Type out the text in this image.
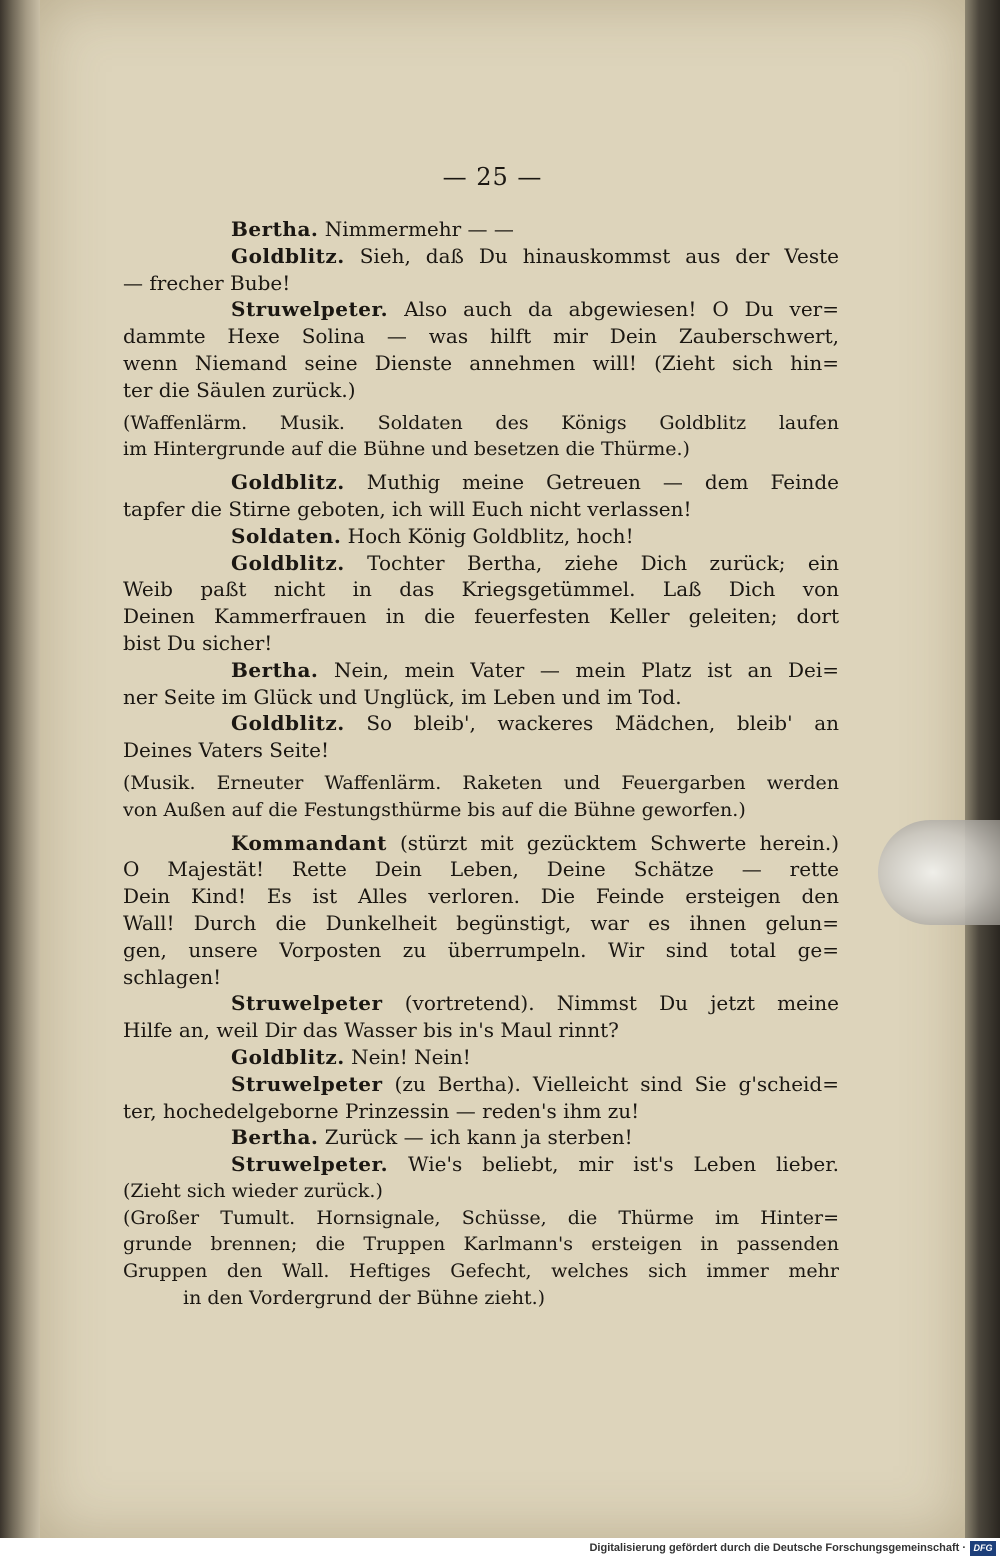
— 25 —
Bertha. Nimmermehr — —
Goldblitz. Sieh, daß Du hinauskommst aus der Veste
— frecher Bube!
Struwelpeter. Also auch da abgewiesen! O Du ver=
dammte Hexe Solina — was hilft mir Dein Zauberschwert,
wenn Niemand seine Dienste annehmen will! (Zieht sich hin=
ter die Säulen zurück.)
(Waffenlärm. Musik. Soldaten des Königs Goldblitz laufen
im Hintergrunde auf die Bühne und besetzen die Thürme.)
Goldblitz. Muthig meine Getreuen — dem Feinde
tapfer die Stirne geboten, ich will Euch nicht verlassen!
Soldaten. Hoch König Goldblitz, hoch!
Goldblitz. Tochter Bertha, ziehe Dich zurück; ein
Weib paßt nicht in das Kriegsgetümmel. Laß Dich von
Deinen Kammerfrauen in die feuerfesten Keller geleiten; dort
bist Du sicher!
Bertha. Nein, mein Vater — mein Platz ist an Dei=
ner Seite im Glück und Unglück, im Leben und im Tod.
Goldblitz. So bleib', wackeres Mädchen, bleib' an
Deines Vaters Seite!
(Musik. Erneuter Waffenlärm. Raketen und Feuergarben werden
von Außen auf die Festungsthürme bis auf die Bühne geworfen.)
Kommandant (stürzt mit gezücktem Schwerte herein.)
O Majestät! Rette Dein Leben, Deine Schätze — rette
Dein Kind! Es ist Alles verloren. Die Feinde ersteigen den
Wall! Durch die Dunkelheit begünstigt, war es ihnen gelun=
gen, unsere Vorposten zu überrumpeln. Wir sind total ge=
schlagen!
Struwelpeter (vortretend). Nimmst Du jetzt meine
Hilfe an, weil Dir das Wasser bis in's Maul rinnt?
Goldblitz. Nein! Nein!
Struwelpeter (zu Bertha). Vielleicht sind Sie g'scheid=
ter, hochedelgeborne Prinzessin — reden's ihm zu!
Bertha. Zurück — ich kann ja sterben!
Struwelpeter. Wie's beliebt, mir ist's Leben lieber.
(Zieht sich wieder zurück.)
(Großer Tumult. Hornsignale, Schüsse, die Thürme im Hinter=
grunde brennen; die Truppen Karlmann's ersteigen in passenden
Gruppen den Wall. Heftiges Gefecht, welches sich immer mehr
in den Vordergrund der Bühne zieht.)
Digitalisierung gefördert durch die Deutsche Forschungsgemeinschaft · DFG
